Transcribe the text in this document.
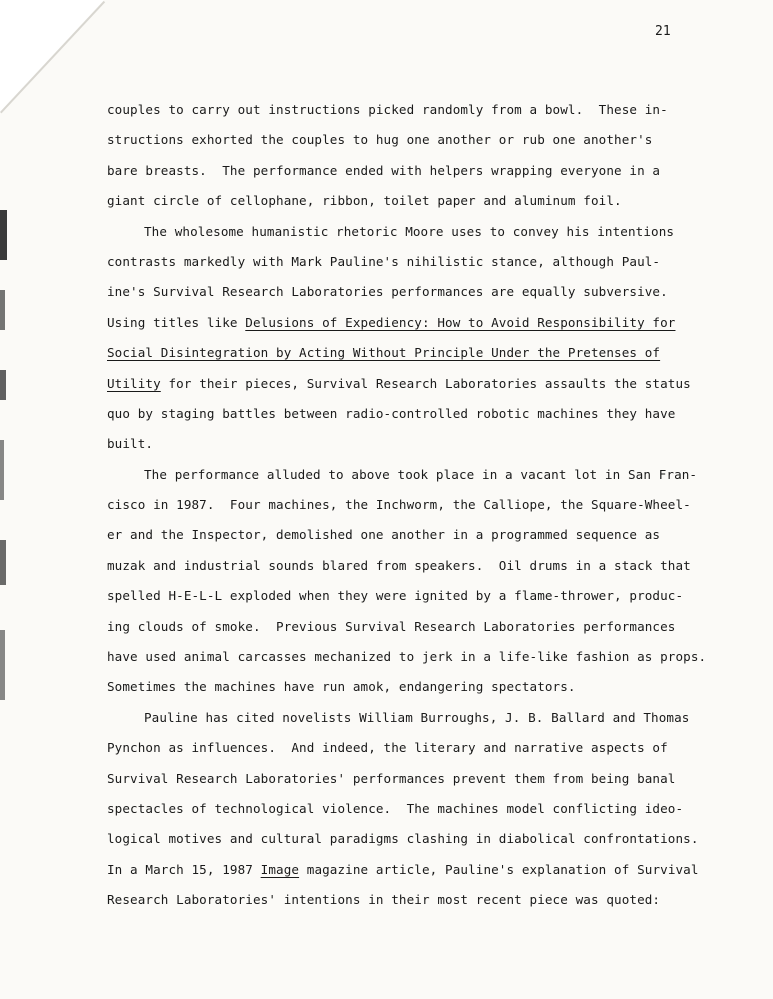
21
couples to carry out instructions picked randomly from a bowl.  These in-
structions exhorted the couples to hug one another or rub one another's
bare breasts.  The performance ended with helpers wrapping everyone in a
giant circle of cellophane, ribbon, toilet paper and aluminum foil.
The wholesome humanistic rhetoric Moore uses to convey his intentions
contrasts markedly with Mark Pauline's nihilistic stance, although Paul-
ine's Survival Research Laboratories performances are equally subversive.
Using titles like Delusions of Expediency: How to Avoid Responsibility for
Social Disintegration by Acting Without Principle Under the Pretenses of
Utility for their pieces, Survival Research Laboratories assaults the status
quo by staging battles between radio-controlled robotic machines they have
built.
The performance alluded to above took place in a vacant lot in San Fran-
cisco in 1987.  Four machines, the Inchworm, the Calliope, the Square-Wheel-
er and the Inspector, demolished one another in a programmed sequence as
muzak and industrial sounds blared from speakers.  Oil drums in a stack that
spelled H-E-L-L exploded when they were ignited by a flame-thrower, produc-
ing clouds of smoke.  Previous Survival Research Laboratories performances
have used animal carcasses mechanized to jerk in a life-like fashion as props.
Sometimes the machines have run amok, endangering spectators.
Pauline has cited novelists William Burroughs, J. B. Ballard and Thomas
Pynchon as influences.  And indeed, the literary and narrative aspects of
Survival Research Laboratories' performances prevent them from being banal
spectacles of technological violence.  The machines model conflicting ideo-
logical motives and cultural paradigms clashing in diabolical confrontations.
In a March 15, 1987 Image magazine article, Pauline's explanation of Survival
Research Laboratories' intentions in their most recent piece was quoted:
